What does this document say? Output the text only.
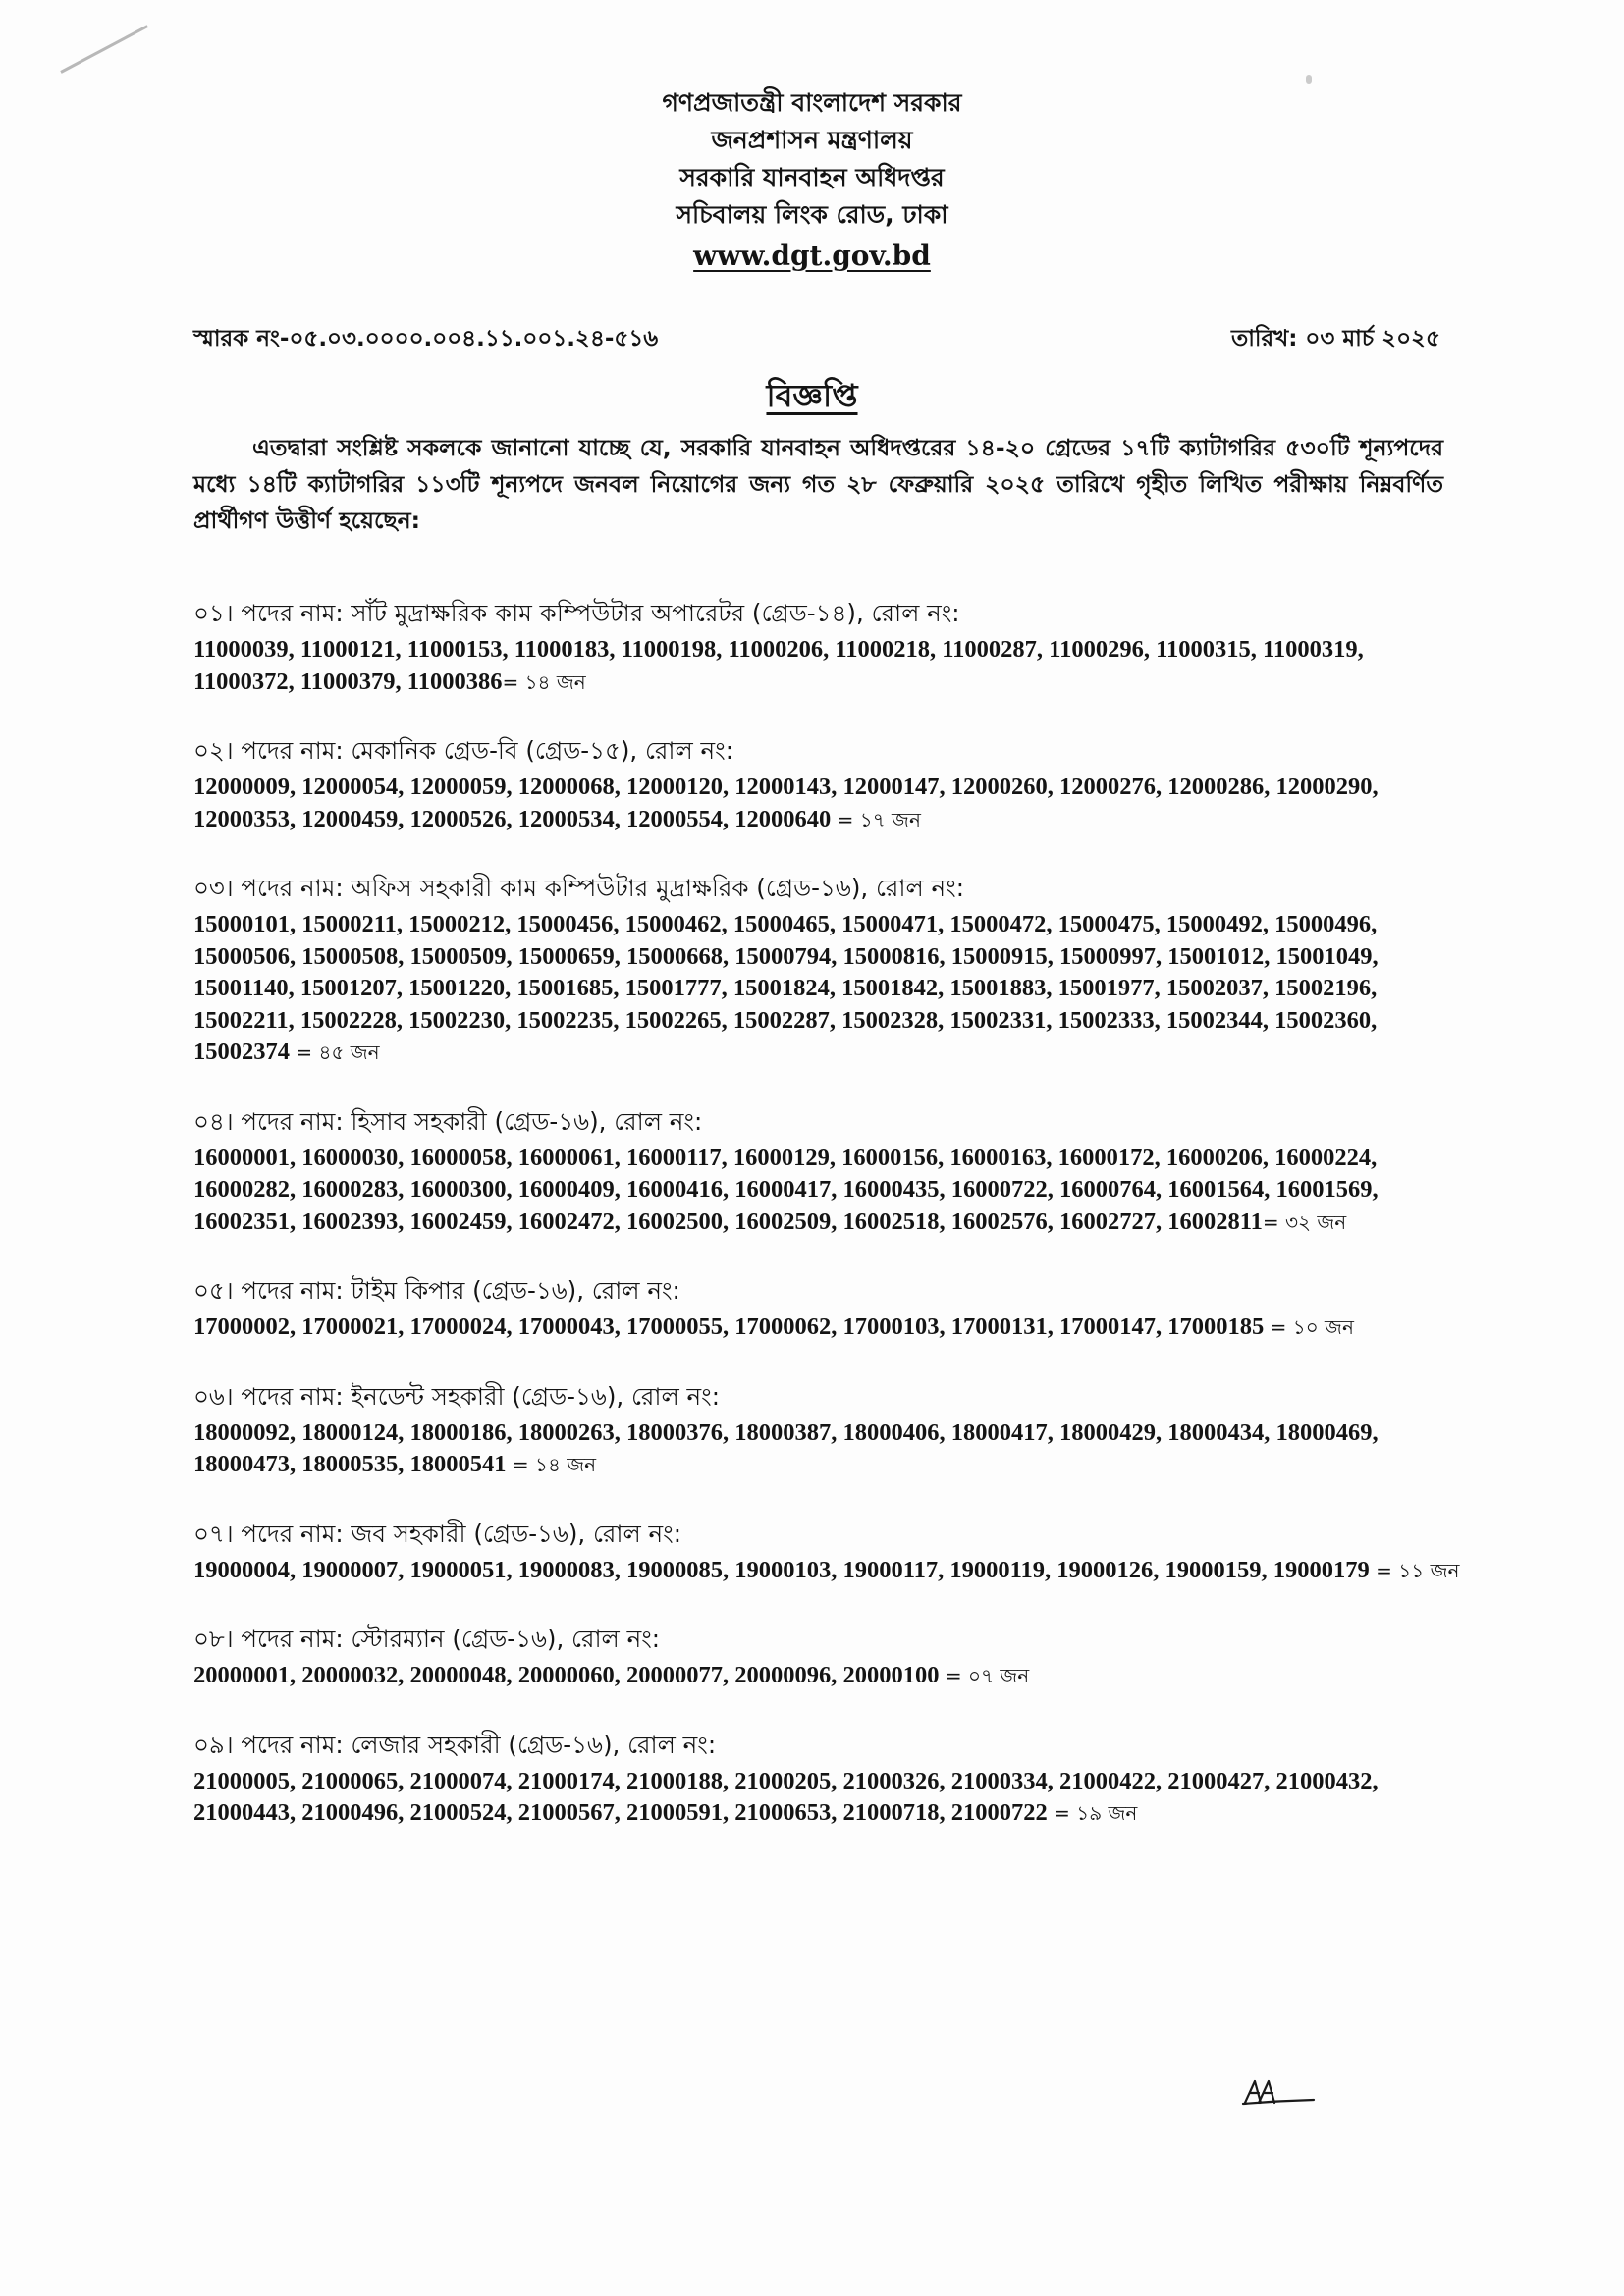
গণপ্রজাতন্ত্রী বাংলাদেশ সরকার
জনপ্রশাসন মন্ত্রণালয়
সরকারি যানবাহন অধিদপ্তর
সচিবালয় লিংক রোড, ঢাকা
www.dgt.gov.bd
স্মারক নং-০৫.০৩.০০০০.০০৪.১১.০০১.২৪-৫১৬	তারিখ: ০৩ মার্চ ২০২৫
বিজ্ঞপ্তি
এতদ্বারা সংশ্লিষ্ট সকলকে জানানো যাচ্ছে যে, সরকারি যানবাহন অধিদপ্তরের ১৪-২০ গ্রেডের ১৭টি ক্যাটাগরির ৫৩০টি শূন্যপদের মধ্যে ১৪টি ক্যাটাগরির ১১৩টি শূন্যপদে জনবল নিয়োগের জন্য গত ২৮ ফেব্রুয়ারি ২০২৫ তারিখে গৃহীত লিখিত পরীক্ষায় নিম্নবর্ণিত প্রার্থীগণ উত্তীর্ণ হয়েছেন:
০১। পদের নাম: সাঁট মুদ্রাক্ষরিক কাম কম্পিউটার অপারেটর (গ্রেড-১৪), রোল নং:
11000039, 11000121, 11000153, 11000183, 11000198, 11000206, 11000218, 11000287, 11000296, 11000315, 11000319, 11000372, 11000379, 11000386= ১৪ জন
০২। পদের নাম: মেকানিক গ্রেড-বি (গ্রেড-১৫), রোল নং:
12000009, 12000054, 12000059, 12000068, 12000120, 12000143, 12000147, 12000260, 12000276, 12000286, 12000290, 12000353, 12000459, 12000526, 12000534, 12000554, 12000640 = ১৭ জন
০৩। পদের নাম: অফিস সহকারী কাম কম্পিউটার মুদ্রাক্ষরিক (গ্রেড-১৬), রোল নং:
15000101, 15000211, 15000212, 15000456, 15000462, 15000465, 15000471, 15000472, 15000475, 15000492, 15000496, 15000506, 15000508, 15000509, 15000659, 15000668, 15000794, 15000816, 15000915, 15000997, 15001012, 15001049, 15001140, 15001207, 15001220, 15001685, 15001777, 15001824, 15001842, 15001883, 15001977, 15002037, 15002196, 15002211, 15002228, 15002230, 15002235, 15002265, 15002287, 15002328, 15002331, 15002333, 15002344, 15002360, 15002374 = ৪৫ জন
০৪। পদের নাম: হিসাব সহকারী (গ্রেড-১৬), রোল নং:
16000001, 16000030, 16000058, 16000061, 16000117, 16000129, 16000156, 16000163, 16000172, 16000206, 16000224, 16000282, 16000283, 16000300, 16000409, 16000416, 16000417, 16000435, 16000722, 16000764, 16001564, 16001569, 16002351, 16002393, 16002459, 16002472, 16002500, 16002509, 16002518, 16002576, 16002727, 16002811= ৩২ জন
০৫। পদের নাম: টাইম কিপার (গ্রেড-১৬), রোল নং:
17000002, 17000021, 17000024, 17000043, 17000055, 17000062, 17000103, 17000131, 17000147, 17000185 = ১০ জন
০৬। পদের নাম: ইনডেন্ট সহকারী (গ্রেড-১৬), রোল নং:
18000092, 18000124, 18000186, 18000263, 18000376, 18000387, 18000406, 18000417, 18000429, 18000434, 18000469, 18000473, 18000535, 18000541 = ১৪ জন
০৭। পদের নাম: জব সহকারী (গ্রেড-১৬), রোল নং:
19000004, 19000007, 19000051, 19000083, 19000085, 19000103, 19000117, 19000119, 19000126, 19000159, 19000179 = ১১ জন
০৮। পদের নাম: স্টোরম্যান (গ্রেড-১৬), রোল নং:
20000001, 20000032, 20000048, 20000060, 20000077, 20000096, 20000100 = ০৭ জন
০৯। পদের নাম: লেজার সহকারী (গ্রেড-১৬), রোল নং:
21000005, 21000065, 21000074, 21000174, 21000188, 21000205, 21000326, 21000334, 21000422, 21000427, 21000432, 21000443, 21000496, 21000524, 21000567, 21000591, 21000653, 21000718, 21000722 = ১৯ জন
